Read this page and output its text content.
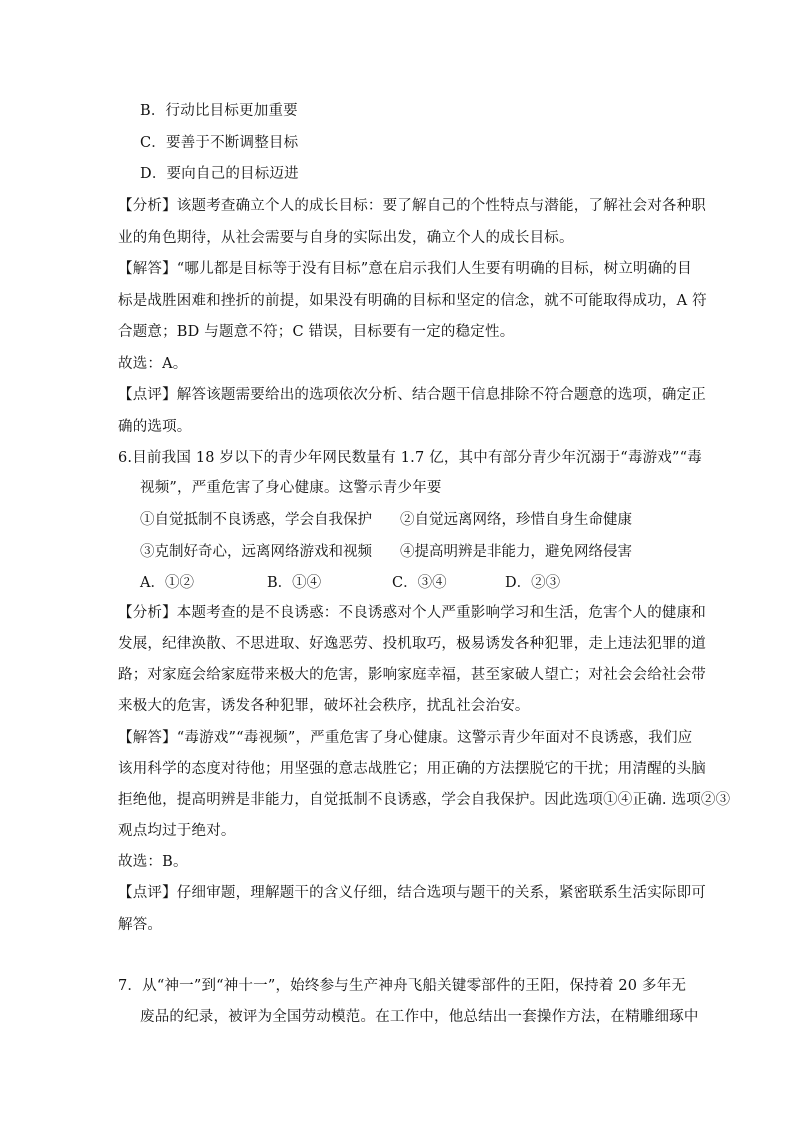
B．行动比目标更加重要
C．要善于不断调整目标
D．要向自己的目标迈进
【分析】该题考查确立个人的成长目标：要了解自己的个性特点与潜能，了解社会对各种职
业的角色期待，从社会需要与自身的实际出发，确立个人的成长目标。
【解答】“哪儿都是目标等于没有目标”意在启示我们人生要有明确的目标，树立明确的目
标是战胜困难和挫折的前提，如果没有明确的目标和坚定的信念，就不可能取得成功，A 符
合题意；BD 与题意不符；C 错误，目标要有一定的稳定性。
故选：A。
【点评】解答该题需要给出的选项依次分析、结合题干信息排除不符合题意的选项，确定正
确的选项。
6.目前我国 18 岁以下的青少年网民数量有 1.7 亿，其中有部分青少年沉溺于“毒游戏”“毒
视频”，严重危害了身心健康。这警示青少年要
①自觉抵制不良诱惑，学会自我保护 ②自觉远离网络，珍惜自身生命健康
③克制好奇心，远离网络游戏和视频 ④提高明辨是非能力，避免网络侵害
A．①②	B．①④	C．③④	D．②③
【分析】本题考查的是不良诱惑：不良诱惑对个人严重影响学习和生活，危害个人的健康和
发展，纪律涣散、不思进取、好逸恶劳、投机取巧，极易诱发各种犯罪，走上违法犯罪的道
路；对家庭会给家庭带来极大的危害，影响家庭幸福，甚至家破人望亡；对社会会给社会带
来极大的危害，诱发各种犯罪，破坏社会秩序，扰乱社会治安。
【解答】“毒游戏”“毒视频”，严重危害了身心健康。这警示青少年面对不良诱惑，我们应
该用科学的态度对待他；用坚强的意志战胜它；用正确的方法摆脱它的干扰；用清醒的头脑
拒绝他，提高明辨是非能力，自觉抵制不良诱惑，学会自我保护。因此选项①④正确. 选项②③
观点均过于绝对。
故选：B。
【点评】仔细审题，理解题干的含义仔细，结合选项与题干的关系，紧密联系生活实际即可
解答。
7．从“神一”到“神十一”，始终参与生产神舟飞船关键零部件的王阳，保持着 20 多年无
废品的纪录，被评为全国劳动模范。在工作中，他总结出一套操作方法，在精雕细琢中
